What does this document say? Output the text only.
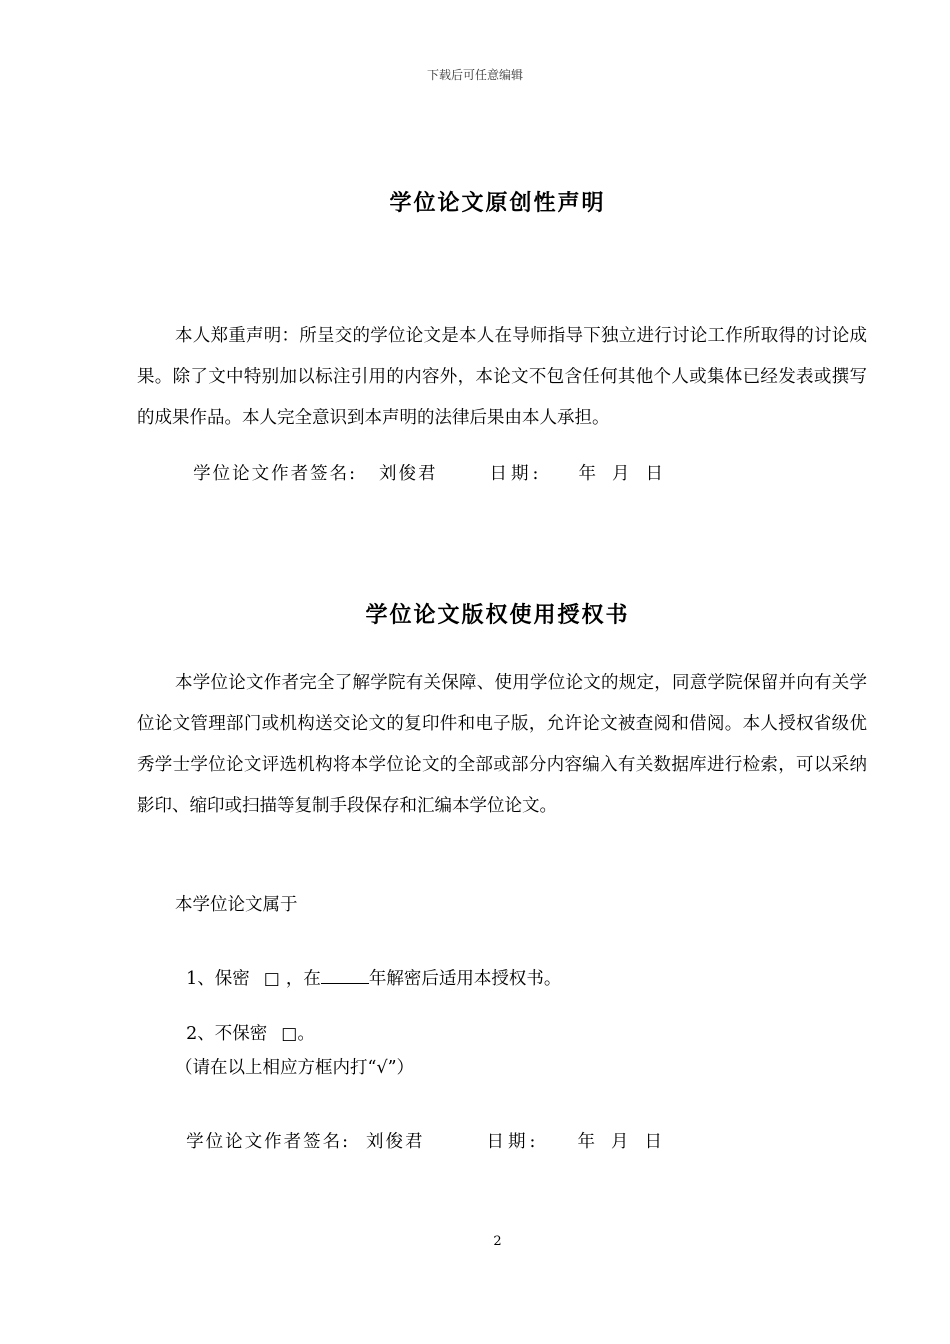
下载后可任意编辑
学位论文原创性声明

本人郑重声明：所呈交的学位论文是本人在导师指导下独立进行讨论工作所取得的讨论成果。除了文中特别加以标注引用的内容外，本论文不包含任何其他个人或集体已经发表或撰写的成果作品。本人完全意识到本声明的法律后果由本人承担。

学位论文作者签名: 刘俊君	日期: 年 月 日

学位论文版权使用授权书

本学位论文作者完全了解学院有关保障、使用学位论文的规定，同意学院保留并向有关学位论文管理部门或机构送交论文的复印件和电子版，允许论文被查阅和借阅。本人授权省级优秀学士学位论文评选机构将本学位论文的全部或部分内容编入有关数据库进行检索，可以采纳影印、缩印或扫描等复制手段保存和汇编本学位论文。

本学位论文属于

1、保密 □ ，在	年解密后适用本授权书。

2、不保密 □。

（请在以上相应方框内打“√”）

学位论文作者签名: 刘俊君	日期: 年 月 日

2
